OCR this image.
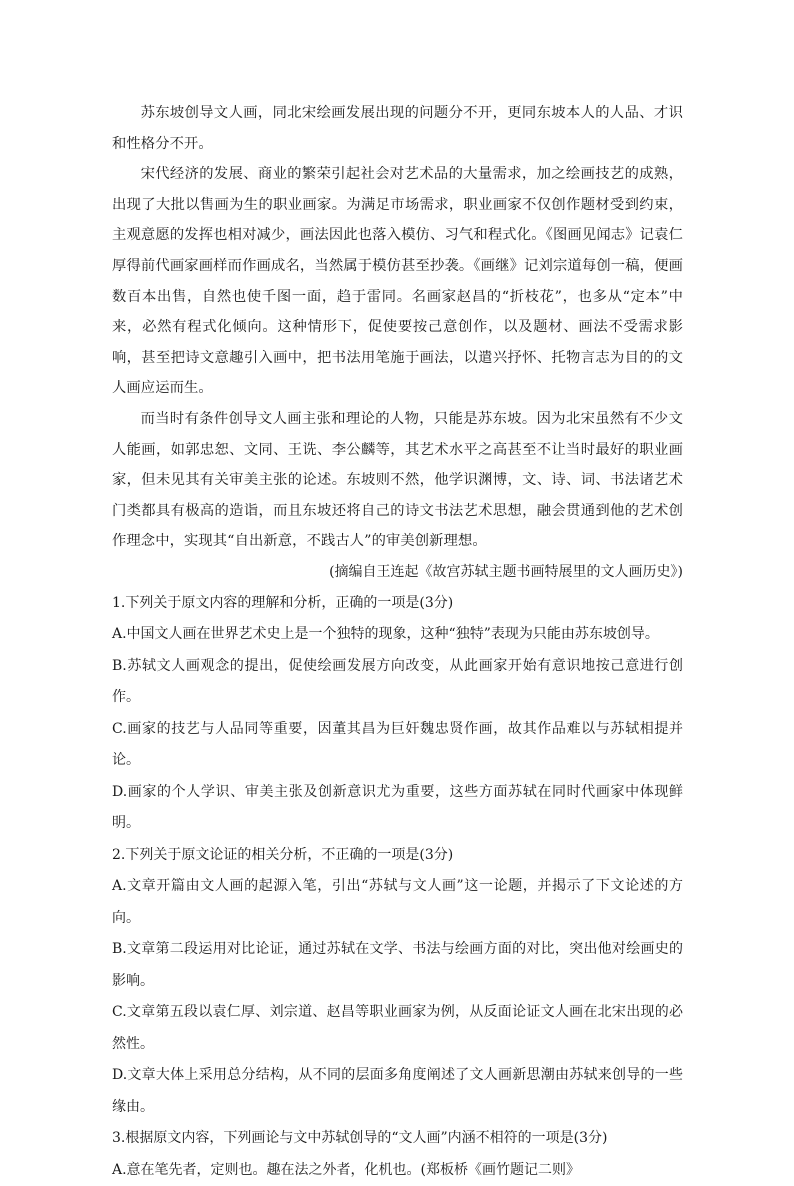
苏东坡创导文人画，同北宋绘画发展出现的问题分不开，更同东坡本人的人品、才识和性格分不开。

宋代经济的发展、商业的繁荣引起社会对艺术品的大量需求，加之绘画技艺的成熟，出现了大批以售画为生的职业画家。为满足市场需求，职业画家不仅创作题材受到约束，主观意愿的发挥也相对减少，画法因此也落入模仿、习气和程式化。《图画见闻志》记袁仁厚得前代画家画样而作画成名，当然属于模仿甚至抄袭。《画继》记刘宗道每创一稿，便画数百本出售，自然也使千图一面，趋于雷同。名画家赵昌的“折枝花”，也多从“定本”中来，必然有程式化倾向。这种情形下，促使要按己意创作，以及题材、画法不受需求影响，甚至把诗文意趣引入画中，把书法用笔施于画法，以遣兴抒怀、托物言志为目的的文人画应运而生。

而当时有条件创导文人画主张和理论的人物，只能是苏东坡。因为北宋虽然有不少文人能画，如郭忠恕、文同、王诜、李公麟等，其艺术水平之高甚至不让当时最好的职业画家，但未见其有关审美主张的论述。东坡则不然，他学识渊博，文、诗、词、书法诸艺术门类都具有极高的造诣，而且东坡还将自己的诗文书法艺术思想，融会贯通到他的艺术创作理念中，实现其“自出新意，不践古人”的审美创新理想。

(摘编自王连起《故宫苏轼主题书画特展里的文人画历史》)

1.下列关于原文内容的理解和分析，正确的一项是(3分)

A.中国文人画在世界艺术史上是一个独特的现象，这种“独特”表现为只能由苏东坡创导。

B.苏轼文人画观念的提出，促使绘画发展方向改变，从此画家开始有意识地按己意进行创作。

C.画家的技艺与人品同等重要，因董其昌为巨奸魏忠贤作画，故其作品难以与苏轼相提并论。

D.画家的个人学识、审美主张及创新意识尤为重要，这些方面苏轼在同时代画家中体现鲜明。

2.下列关于原文论证的相关分析，不正确的一项是(3分)

A.文章开篇由文人画的起源入笔，引出“苏轼与文人画”这一论题，并揭示了下文论述的方向。

B.文章第二段运用对比论证，通过苏轼在文学、书法与绘画方面的对比，突出他对绘画史的影响。

C.文章第五段以袁仁厚、刘宗道、赵昌等职业画家为例，从反面论证文人画在北宋出现的必然性。

D.文章大体上采用总分结构，从不同的层面多角度阐述了文人画新思潮由苏轼来创导的一些缘由。

3.根据原文内容，下列画论与文中苏轼创导的“文人画”内涵不相符的一项是(3分)

A.意在笔先者，定则也。趣在法之外者，化机也。(郑板桥《画竹题记二则》
